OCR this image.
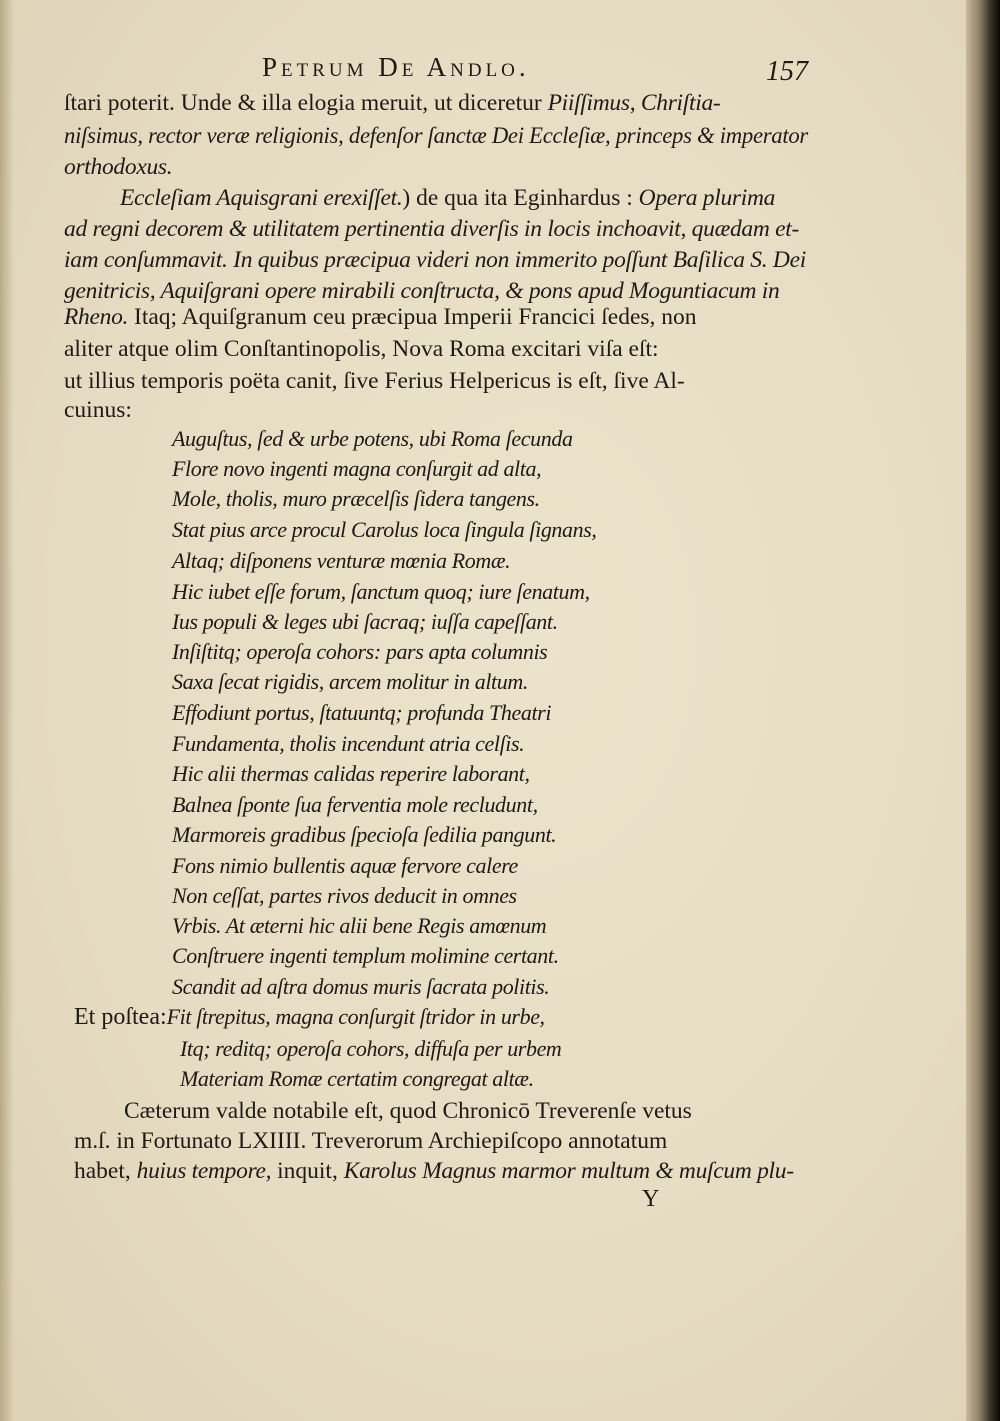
Petrum De Andlo.	157
ſtari poterit. Unde & illa elogia meruit, ut diceretur Piiſſimus, Chriſtia-
niſsimus, rector veræ religionis, defenſor ſanctæ Dei Eccleſiæ, princeps & imperator
orthodoxus.
Eccleſiam Aquisgrani erexiſſet.) de qua ita Eginhardus : Opera plurima
ad regni decorem & utilitatem pertinentia diverſis in locis inchoavit, quædam et-
iam conſummavit. In quibus præcipua videri non immerito poſſunt Baſilica S. Dei
genitricis, Aquiſgrani opere mirabili conſtructa, & pons apud Moguntiacum in
Rheno. Itaq; Aquiſgranum ceu præcipua Imperii Francici ſedes, non
aliter atque olim Conſtantinopolis, Nova Roma excitari viſa eſt:
ut illius temporis poëta canit, ſive Ferius Helpericus is eſt, ſive Al-
cuinus:
Auguſtus, ſed & urbe potens, ubi Roma ſecunda
Flore novo ingenti magna conſurgit ad alta,
Mole, tholis, muro præcelſis ſidera tangens.
Stat pius arce procul Carolus loca ſingula ſignans,
Altaq; diſponens venturæ mœnia Romæ.
Hic iubet eſſe forum, ſanctum quoq; iure ſenatum,
Ius populi & leges ubi ſacraq; iuſſa capeſſant.
Inſiſtitq; operoſa cohors: pars apta columnis
Saxa ſecat rigidis, arcem molitur in altum.
Effodiunt portus, ſtatuuntq; profunda Theatri
Fundamenta, tholis incendunt atria celſis.
Hic alii thermas calidas reperire laborant,
Balnea ſponte ſua ferventia mole recludunt,
Marmoreis gradibus ſpecioſa ſedilia pangunt.
Fons nimio bullentis aquæ fervore calere
Non ceſſat, partes rivos deducit in omnes
Vrbis. At æterni hic alii bene Regis amœnum
Conſtruere ingenti templum molimine certant.
Scandit ad aſtra domus muris ſacrata politis.
Et poſtea:Fit ſtrepitus, magna conſurgit ſtridor in urbe,
Itq; reditq; operoſa cohors, diffuſa per urbem
Materiam Romæ certatim congregat altæ.
Cæterum valde notabile eſt, quod Chronicō Treverenſe vetus
m.ſ. in Fortunato LXIIII. Treverorum Archiepiſcopo annotatum
habet, huius tempore, inquit, Karolus Magnus marmor multum & muſcum plu-
Y
